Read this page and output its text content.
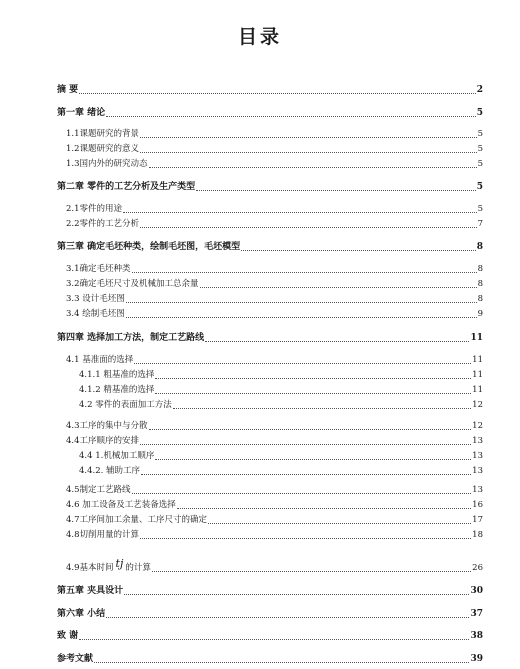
目录
摘 要	2
第一章 绪论	5
1.1课题研究的背景	5
1.2课题研究的意义	5
1.3国内外的研究动态	5
第二章 零件的工艺分析及生产类型	5
2.1零件的用途	5
2.2零件的工艺分析	7
第三章 确定毛坯种类，绘制毛坯图，毛坯模型	8
3.1确定毛坯种类	8
3.2确定毛坯尺寸及机械加工总余量	8
3.3 设计毛坯图	8
3.4 绘制毛坯图	9
第四章 选择加工方法，制定工艺路线	11
4.1 基准面的选择	11
4.1.1 粗基准的选择	11
4.1.2 精基准的选择	11
4.2 零件的表面加工方法	12
4.3工序的集中与分散	12
4.4工序顺序的安排	13
4.4 1.机械加工顺序	13
4.4.2. 辅助工序	13
4.5制定工艺路线	13
4.6 加工设备及工艺装备选择	16
4.7工序间加工余量、工序尺寸的确定	17
4.8切削用量的计算	18
4.9基本时间 tj 的计算	26
第五章 夹具设计	30
第六章 小结	37
致 谢	38
参考文献	39
